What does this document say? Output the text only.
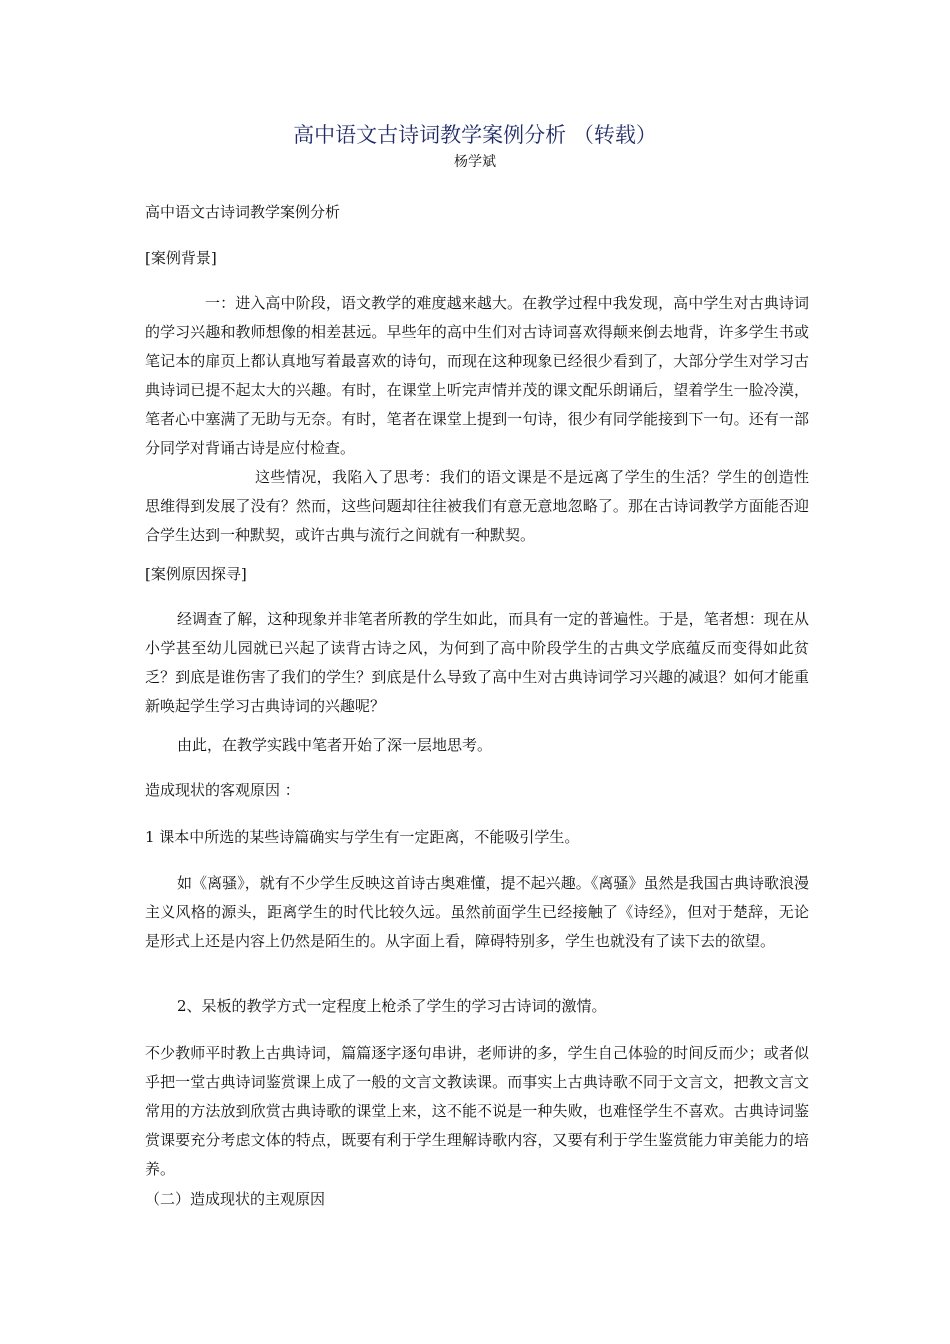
高中语文古诗词教学案例分析 （转载）
杨学斌

高中语文古诗词教学案例分析

[案例背景]

一：进入高中阶段，语文教学的难度越来越大。在教学过程中我发现，高中学生对古典诗词的学习兴趣和教师想像的相差甚远。早些年的高中生们对古诗词喜欢得颠来倒去地背，许多学生书或笔记本的扉页上都认真地写着最喜欢的诗句，而现在这种现象已经很少看到了，大部分学生对学习古典诗词已提不起太大的兴趣。有时，在课堂上听完声情并茂的课文配乐朗诵后，望着学生一脸冷漠，笔者心中塞满了无助与无奈。有时，笔者在课堂上提到一句诗，很少有同学能接到下一句。还有一部分同学对背诵古诗是应付检查。

这些情况，我陷入了思考：我们的语文课是不是远离了学生的生活？学生的创造性思维得到发展了没有？然而，这些问题却往往被我们有意无意地忽略了。那在古诗词教学方面能否迎合学生达到一种默契，或许古典与流行之间就有一种默契。

[案例原因探寻]

经调查了解，这种现象并非笔者所教的学生如此，而具有一定的普遍性。于是，笔者想：现在从小学甚至幼儿园就已兴起了读背古诗之风，为何到了高中阶段学生的古典文学底蕴反而变得如此贫乏？到底是谁伤害了我们的学生？到底是什么导致了高中生对古典诗词学习兴趣的减退？如何才能重新唤起学生学习古典诗词的兴趣呢？

由此，在教学实践中笔者开始了深一层地思考。

造成现状的客观原因 ：

1 课本中所选的某些诗篇确实与学生有一定距离，不能吸引学生。

如《离骚》，就有不少学生反映这首诗古奥难懂，提不起兴趣。《离骚》虽然是我国古典诗歌浪漫主义风格的源头，距离学生的时代比较久远。虽然前面学生已经接触了《诗经》，但对于楚辞，无论是形式上还是内容上仍然是陌生的。从字面上看，障碍特别多，学生也就没有了读下去的欲望。

2、呆板的教学方式一定程度上枪杀了学生的学习古诗词的激情。

不少教师平时教上古典诗词，篇篇逐字逐句串讲，老师讲的多，学生自己体验的时间反而少；或者似乎把一堂古典诗词鉴赏课上成了一般的文言文教读课。而事实上古典诗歌不同于文言文，把教文言文常用的方法放到欣赏古典诗歌的课堂上来，这不能不说是一种失败，也难怪学生不喜欢。古典诗词鉴赏课要充分考虑文体的特点，既要有利于学生理解诗歌内容，又要有利于学生鉴赏能力审美能力的培养。

（二）造成现状的主观原因
